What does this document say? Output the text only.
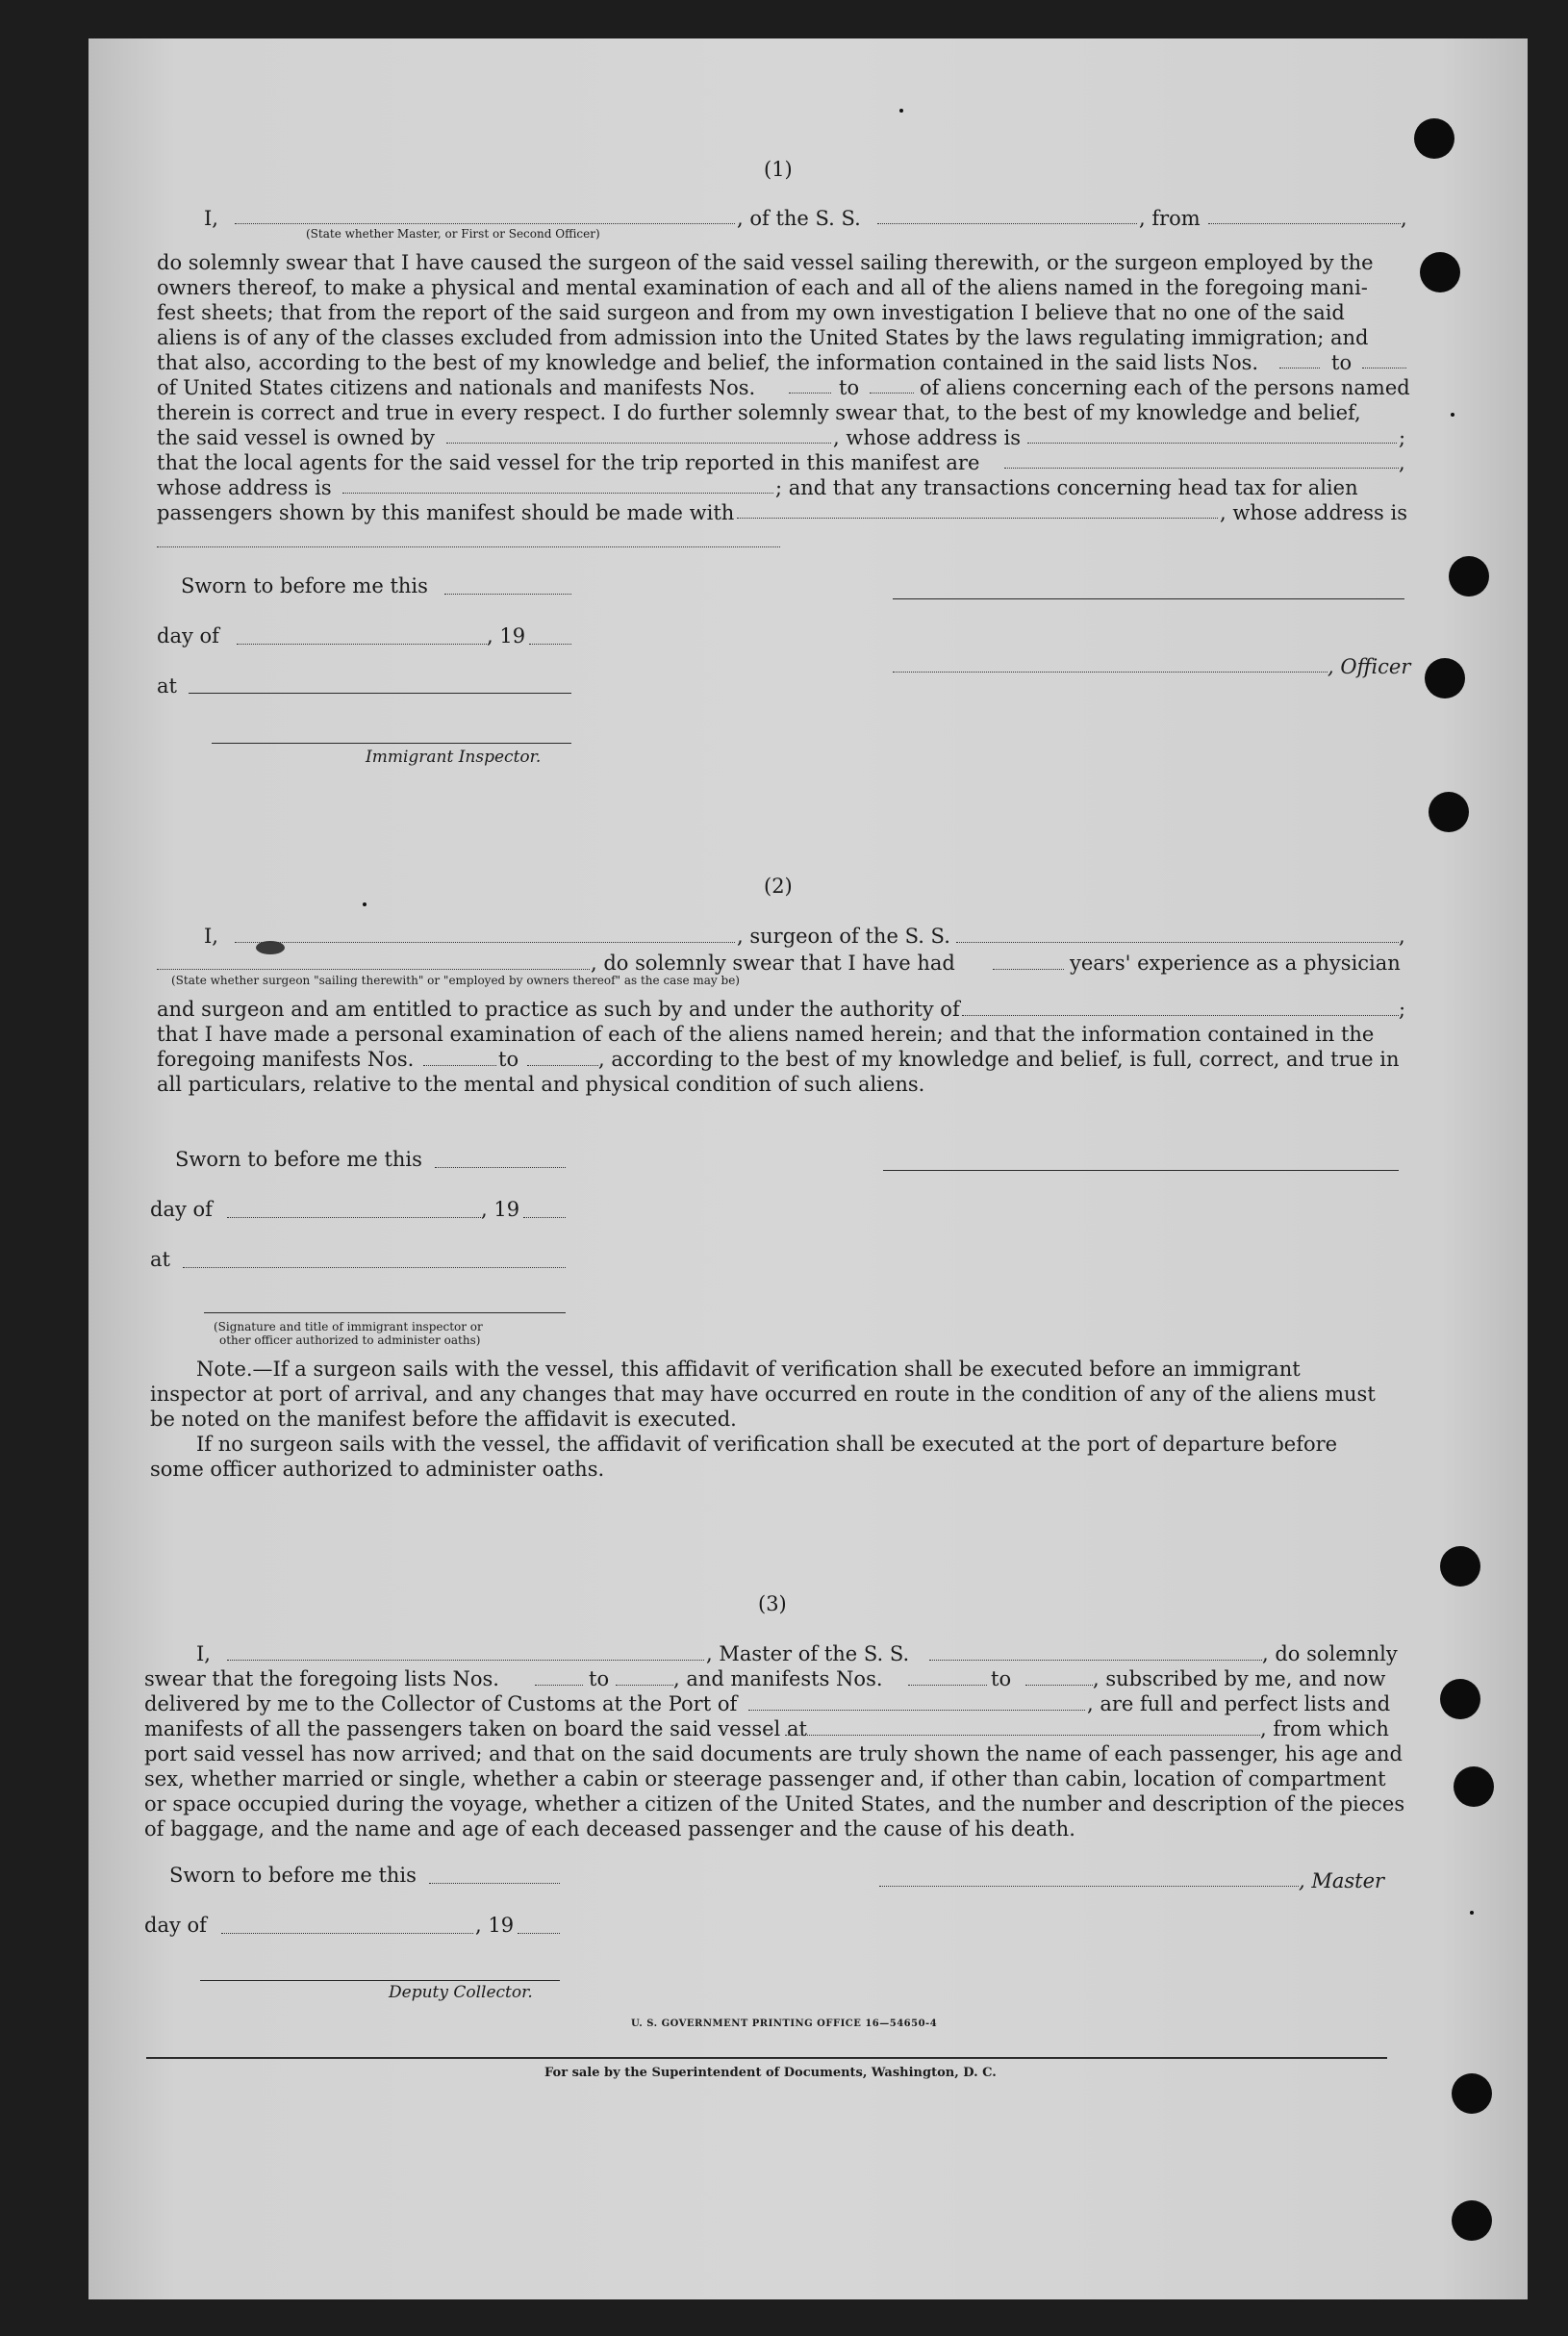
(1)
I,	, of the S. S.	, from	,
(State whether Master, or First or Second Officer)
do solemnly swear that I have caused the surgeon of the said vessel sailing therewith, or the surgeon employed by the
owners thereof, to make a physical and mental examination of each and all of the aliens named in the foregoing mani-
fest sheets; that from the report of the said surgeon and from my own investigation I believe that no one of the said
aliens is of any of the classes excluded from admission into the United States by the laws regulating immigration; and
that also, according to the best of my knowledge and belief, the information contained in the said lists Nos.	to
of United States citizens and nationals and manifests Nos.	to	of aliens concerning each of the persons named
therein is correct and true in every respect. I do further solemnly swear that, to the best of my knowledge and belief,
the said vessel is owned by	, whose address is	;
that the local agents for the said vessel for the trip reported in this manifest are	,
whose address is	; and that any transactions concerning head tax for alien
passengers shown by this manifest should be made with	, whose address is
Sworn to before me this
day of	, 19
, Officer
at
Immigrant Inspector.
(2)
I,	, surgeon of the S. S.	,
, do solemnly swear that I have had	years' experience as a physician
(State whether surgeon "sailing therewith" or "employed by owners thereof" as the case may be)
and surgeon and am entitled to practice as such by and under the authority of	;
that I have made a personal examination of each of the aliens named herein; and that the information contained in the
foregoing manifests Nos.	to	, according to the best of my knowledge and belief, is full, correct, and true in
all particulars, relative to the mental and physical condition of such aliens.
Sworn to before me this
day of	, 19
at
(Signature and title of immigrant inspector or
other officer authorized to administer oaths)
Note.—If a surgeon sails with the vessel, this affidavit of verification shall be executed before an immigrant
inspector at port of arrival, and any changes that may have occurred en route in the condition of any of the aliens must
be noted on the manifest before the affidavit is executed.
If no surgeon sails with the vessel, the affidavit of verification shall be executed at the port of departure before
some officer authorized to administer oaths.
(3)
I,	, Master of the S. S.	, do solemnly
swear that the foregoing lists Nos.	to	, and manifests Nos.	to	, subscribed by me, and now
delivered by me to the Collector of Customs at the Port of	, are full and perfect lists and
manifests of all the passengers taken on board the said vessel at	, from which
port said vessel has now arrived; and that on the said documents are truly shown the name of each passenger, his age and
sex, whether married or single, whether a cabin or steerage passenger and, if other than cabin, location of compartment
or space occupied during the voyage, whether a citizen of the United States, and the number and description of the pieces
of baggage, and the name and age of each deceased passenger and the cause of his death.
Sworn to before me this	, Master
day of	, 19
Deputy Collector.
U. S. GOVERNMENT PRINTING OFFICE 16—54650-4
For sale by the Superintendent of Documents, Washington, D. C.
